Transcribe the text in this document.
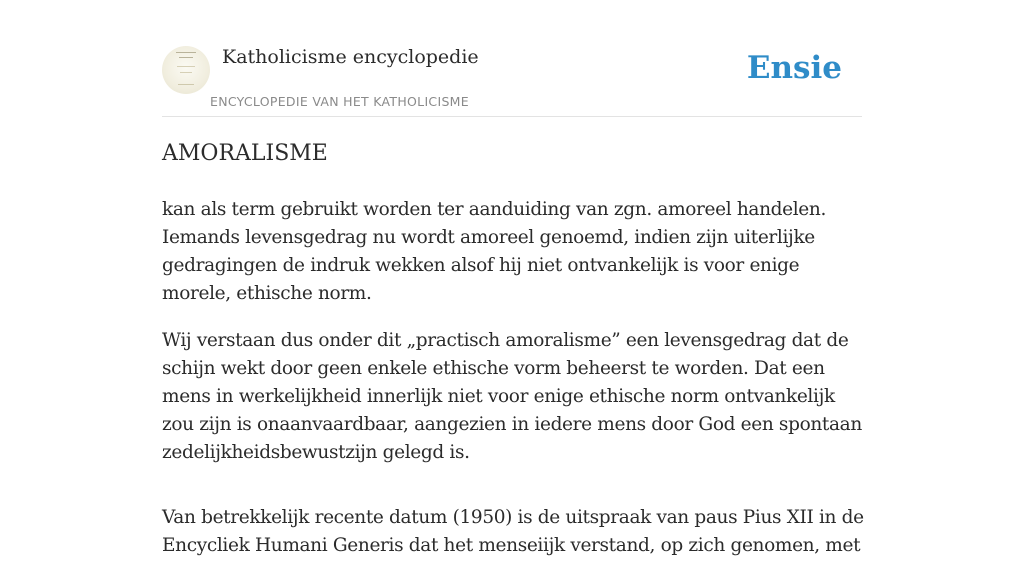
Katholicisme encyclopedie
ENCYCLOPEDIE VAN HET KATHOLICISME
Ensie
AMORALISME

kan als term gebruikt worden ter aanduiding van zgn. amoreel handelen. Iemands levensgedrag nu wordt amoreel genoemd, indien zijn uiterlijke gedragingen de indruk wekken alsof hij niet ontvankelijk is voor enige morele, ethische norm.

Wij verstaan dus onder dit „practisch amoralisme” een levensgedrag dat de schijn wekt door geen enkele ethische vorm beheerst te worden. Dat een mens in werkelijkheid innerlijk niet voor enige ethische norm ontvankelijk zou zijn is onaanvaardbaar, aangezien in iedere mens door God een spontaan zedelijkheidsbewustzijn gelegd is.

Van betrekkelijk recente datum (1950) is de uitspraak van paus Pius XII in de Encycliek Humani Generis dat het menseiijk verstand, op zich genomen, met
